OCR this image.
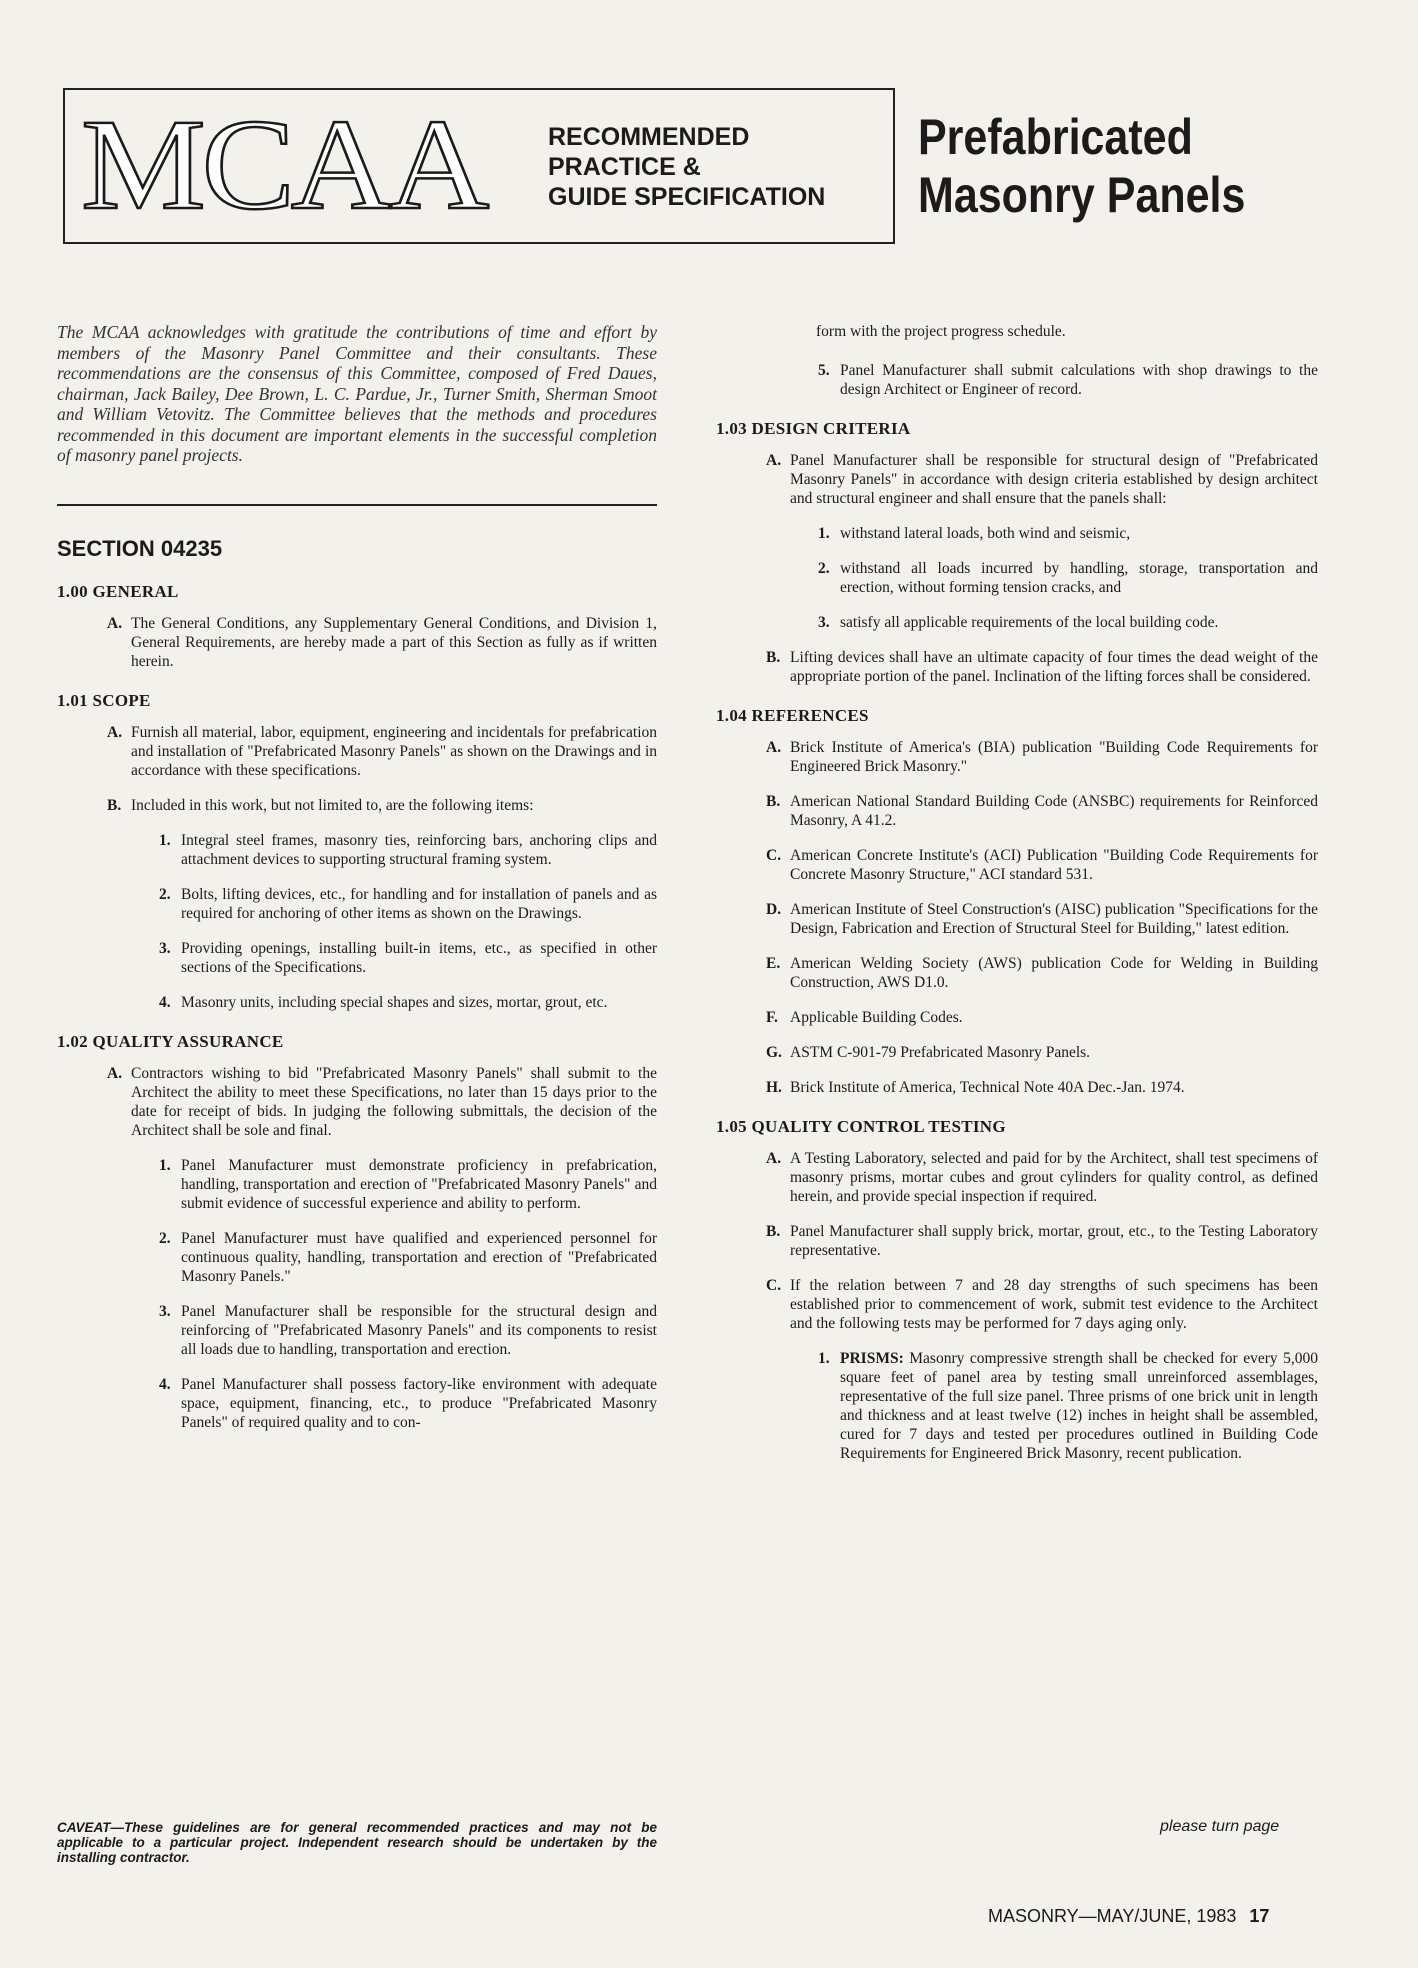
MCAA	RECOMMENDED
PRACTICE &
GUIDE SPECIFICATION
Prefabricated
Masonry Panels

The MCAA acknowledges with gratitude the contributions of time and effort by members of the Masonry Panel Committee and their consultants. These recommendations are the consensus of this Committee, composed of Fred Daues, chairman, Jack Bailey, Dee Brown, L. C. Pardue, Jr., Turner Smith, Sherman Smoot and William Vetovitz. The Committee believes that the methods and procedures recommended in this document are important elements in the successful completion of masonry panel projects.

SECTION 04235
1.00 GENERAL
A. The General Conditions, any Supplementary General Conditions, and Division 1, General Requirements, are hereby made a part of this Section as fully as if written herein.
1.01 SCOPE
A. Furnish all material, labor, equipment, engineering and incidentals for prefabrication and installation of "Prefabricated Masonry Panels" as shown on the Drawings and in accordance with these specifications.
B. Included in this work, but not limited to, are the following items:
1. Integral steel frames, masonry ties, reinforcing bars, anchoring clips and attachment devices to supporting structural framing system.
2. Bolts, lifting devices, etc., for handling and for installation of panels and as required for anchoring of other items as shown on the Drawings.
3. Providing openings, installing built-in items, etc., as specified in other sections of the Specifications.
4. Masonry units, including special shapes and sizes, mortar, grout, etc.
1.02 QUALITY ASSURANCE
A. Contractors wishing to bid "Prefabricated Masonry Panels" shall submit to the Architect the ability to meet these Specifications, no later than 15 days prior to the date for receipt of bids. In judging the following submittals, the decision of the Architect shall be sole and final.
1. Panel Manufacturer must demonstrate proficiency in prefabrication, handling, transportation and erection of "Prefabricated Masonry Panels" and submit evidence of successful experience and ability to perform.
2. Panel Manufacturer must have qualified and experienced personnel for continuous quality, handling, transportation and erection of "Prefabricated Masonry Panels."
3. Panel Manufacturer shall be responsible for the structural design and reinforcing of "Prefabricated Masonry Panels" and its components to resist all loads due to handling, transportation and erection.
4. Panel Manufacturer shall possess factory-like environment with adequate space, equipment, financing, etc., to produce "Prefabricated Masonry Panels" of required quality and to con-
CAVEAT—These guidelines are for general recommended practices and may not be applicable to a particular project. Independent research should be undertaken by the installing contractor.
form with the project progress schedule.
5. Panel Manufacturer shall submit calculations with shop drawings to the design Architect or Engineer of record.
1.03 DESIGN CRITERIA
A. Panel Manufacturer shall be responsible for structural design of "Prefabricated Masonry Panels" in accordance with design criteria established by design architect and structural engineer and shall ensure that the panels shall:
1. withstand lateral loads, both wind and seismic,
2. withstand all loads incurred by handling, storage, transportation and erection, without forming tension cracks, and
3. satisfy all applicable requirements of the local building code.
B. Lifting devices shall have an ultimate capacity of four times the dead weight of the appropriate portion of the panel. Inclination of the lifting forces shall be considered.
1.04 REFERENCES
A. Brick Institute of America's (BIA) publication "Building Code Requirements for Engineered Brick Masonry."
B. American National Standard Building Code (ANSBC) requirements for Reinforced Masonry, A 41.2.
C. American Concrete Institute's (ACI) Publication "Building Code Requirements for Concrete Masonry Structure," ACI standard 531.
D. American Institute of Steel Construction's (AISC) publication "Specifications for the Design, Fabrication and Erection of Structural Steel for Building," latest edition.
E. American Welding Society (AWS) publication Code for Welding in Building Construction, AWS D1.0.
F. Applicable Building Codes.
G. ASTM C-901-79 Prefabricated Masonry Panels.
H. Brick Institute of America, Technical Note 40A Dec.-Jan. 1974.
1.05 QUALITY CONTROL TESTING
A. A Testing Laboratory, selected and paid for by the Architect, shall test specimens of masonry prisms, mortar cubes and grout cylinders for quality control, as defined herein, and provide special inspection if required.
B. Panel Manufacturer shall supply brick, mortar, grout, etc., to the Testing Laboratory representative.
C. If the relation between 7 and 28 day strengths of such specimens has been established prior to commencement of work, submit test evidence to the Architect and the following tests may be performed for 7 days aging only.
1. PRISMS: Masonry compressive strength shall be checked for every 5,000 square feet of panel area by testing small unreinforced assemblages, representative of the full size panel. Three prisms of one brick unit in length and thickness and at least twelve (12) inches in height shall be assembled, cured for 7 days and tested per procedures outlined in Building Code Requirements for Engineered Brick Masonry, recent publication.
please turn page
MASONRY—MAY/JUNE, 1983 17
